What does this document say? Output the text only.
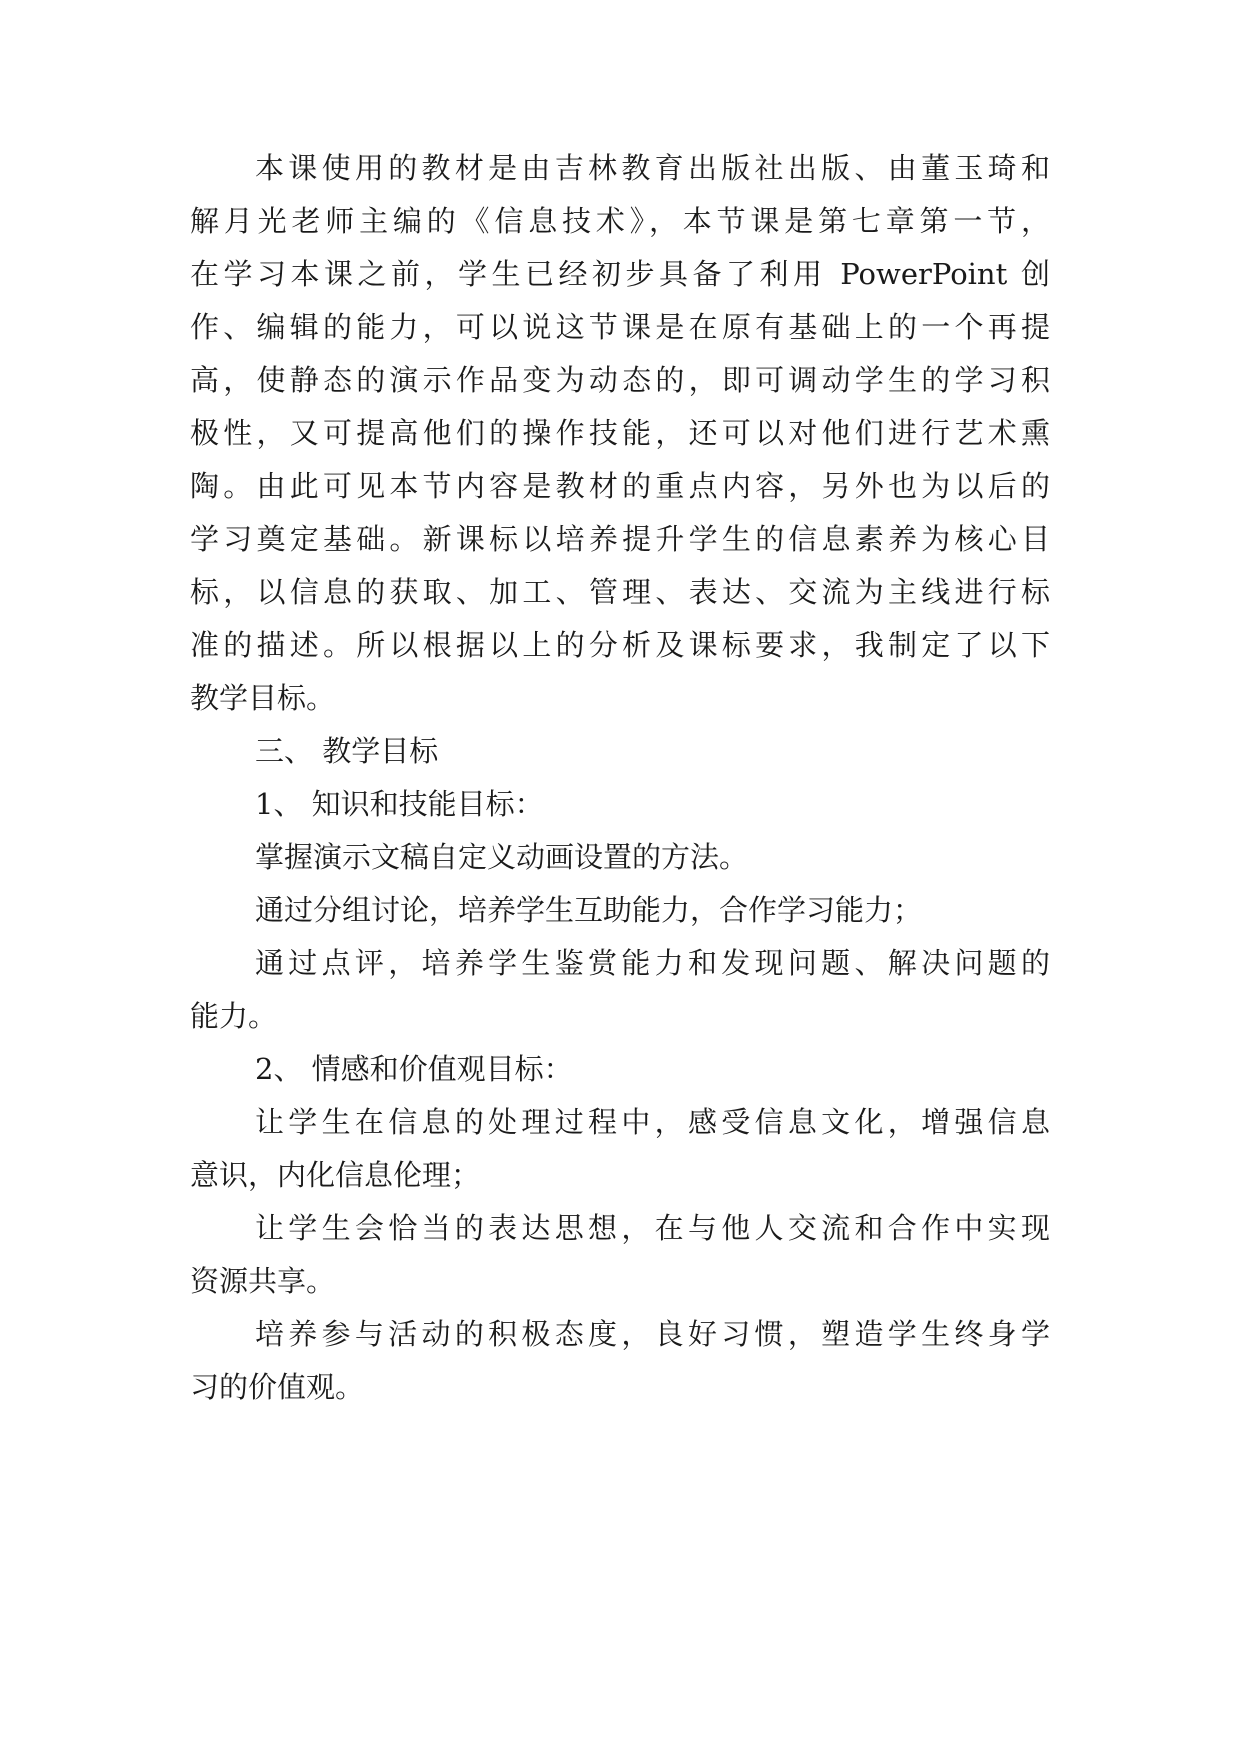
本课使用的教材是由吉林教育出版社出版、由董玉琦和
解月光老师主编的《信息技术》，本节课是第七章第一节，
在学习本课之前，学生已经初步具备了利用 PowerPoint 创
作、编辑的能力，可以说这节课是在原有基础上的一个再提
高，使静态的演示作品变为动态的，即可调动学生的学习积
极性，又可提高他们的操作技能，还可以对他们进行艺术熏
陶。由此可见本节内容是教材的重点内容，另外也为以后的
学习奠定基础。新课标以培养提升学生的信息素养为核心目
标，以信息的获取、加工、管理、表达、交流为主线进行标
准的描述。所以根据以上的分析及课标要求，我制定了以下
教学目标。
三、 教学目标
1、 知识和技能目标：
掌握演示文稿自定义动画设置的方法。
通过分组讨论，培养学生互助能力，合作学习能力；
通过点评，培养学生鉴赏能力和发现问题、解决问题的
能力。
2、 情感和价值观目标：
让学生在信息的处理过程中，感受信息文化，增强信息
意识，内化信息伦理；
让学生会恰当的表达思想，在与他人交流和合作中实现
资源共享。
培养参与活动的积极态度，良好习惯，塑造学生终身学
习的价值观。
